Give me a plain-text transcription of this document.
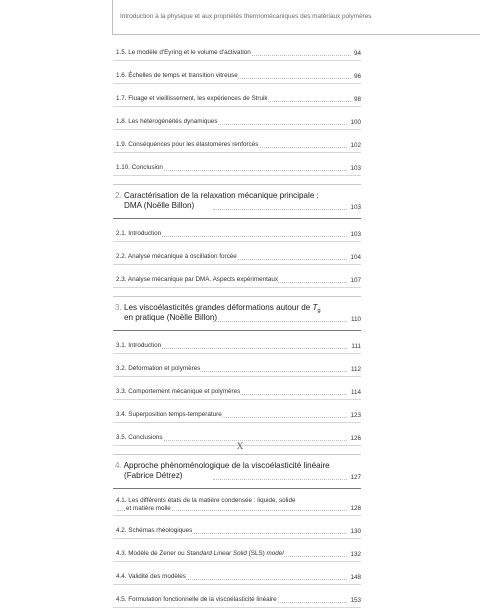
Introduction à la physique et aux propriétés thermomécaniques des matériaux polymères
1.5. Le modèle d'Eyring et le volume d'activation	94
1.6. Échelles de temps et transition vitreuse	96
1.7. Fluage et vieillissement, les expériences de Struik	98
1.8. Les hétérogénéités dynamiques	100
1.9. Conséquences pour les élastomères renforcés	102
1.10. Conclusion	103
2. Caractérisation de la relaxation mécanique principale :
DMA (Noëlle Billon)	103
2.1. Introduction	103
2.2. Analyse mécanique à oscillation forcée	104
2.3. Analyse mécanique par DMA. Aspects expérimentaux	107
3. Les viscoélasticités grandes déformations autour de $T_g$
en pratique (Noëlle Billon)	110
3.1. Introduction	111
3.2. Déformation et polymères	112
3.3. Comportement mécanique et polymères	114
3.4. Superposition temps-température	123
3.5. Conclusions	126
4. Approche phénoménologique de la viscoélasticité linéaire
(Fabrice Détrez)	127
4.1. Les différents états de la matière condensée : liquide, solide
et matière molle	128
4.2. Schémas rhéologiques	130
4.3. Modèle de Zener ou Standard Linear Solid (SLS) model	132
4.4. Validité des modèles	148
4.5. Formulation fonctionnelle de la viscoélasticité linéaire	153
X
